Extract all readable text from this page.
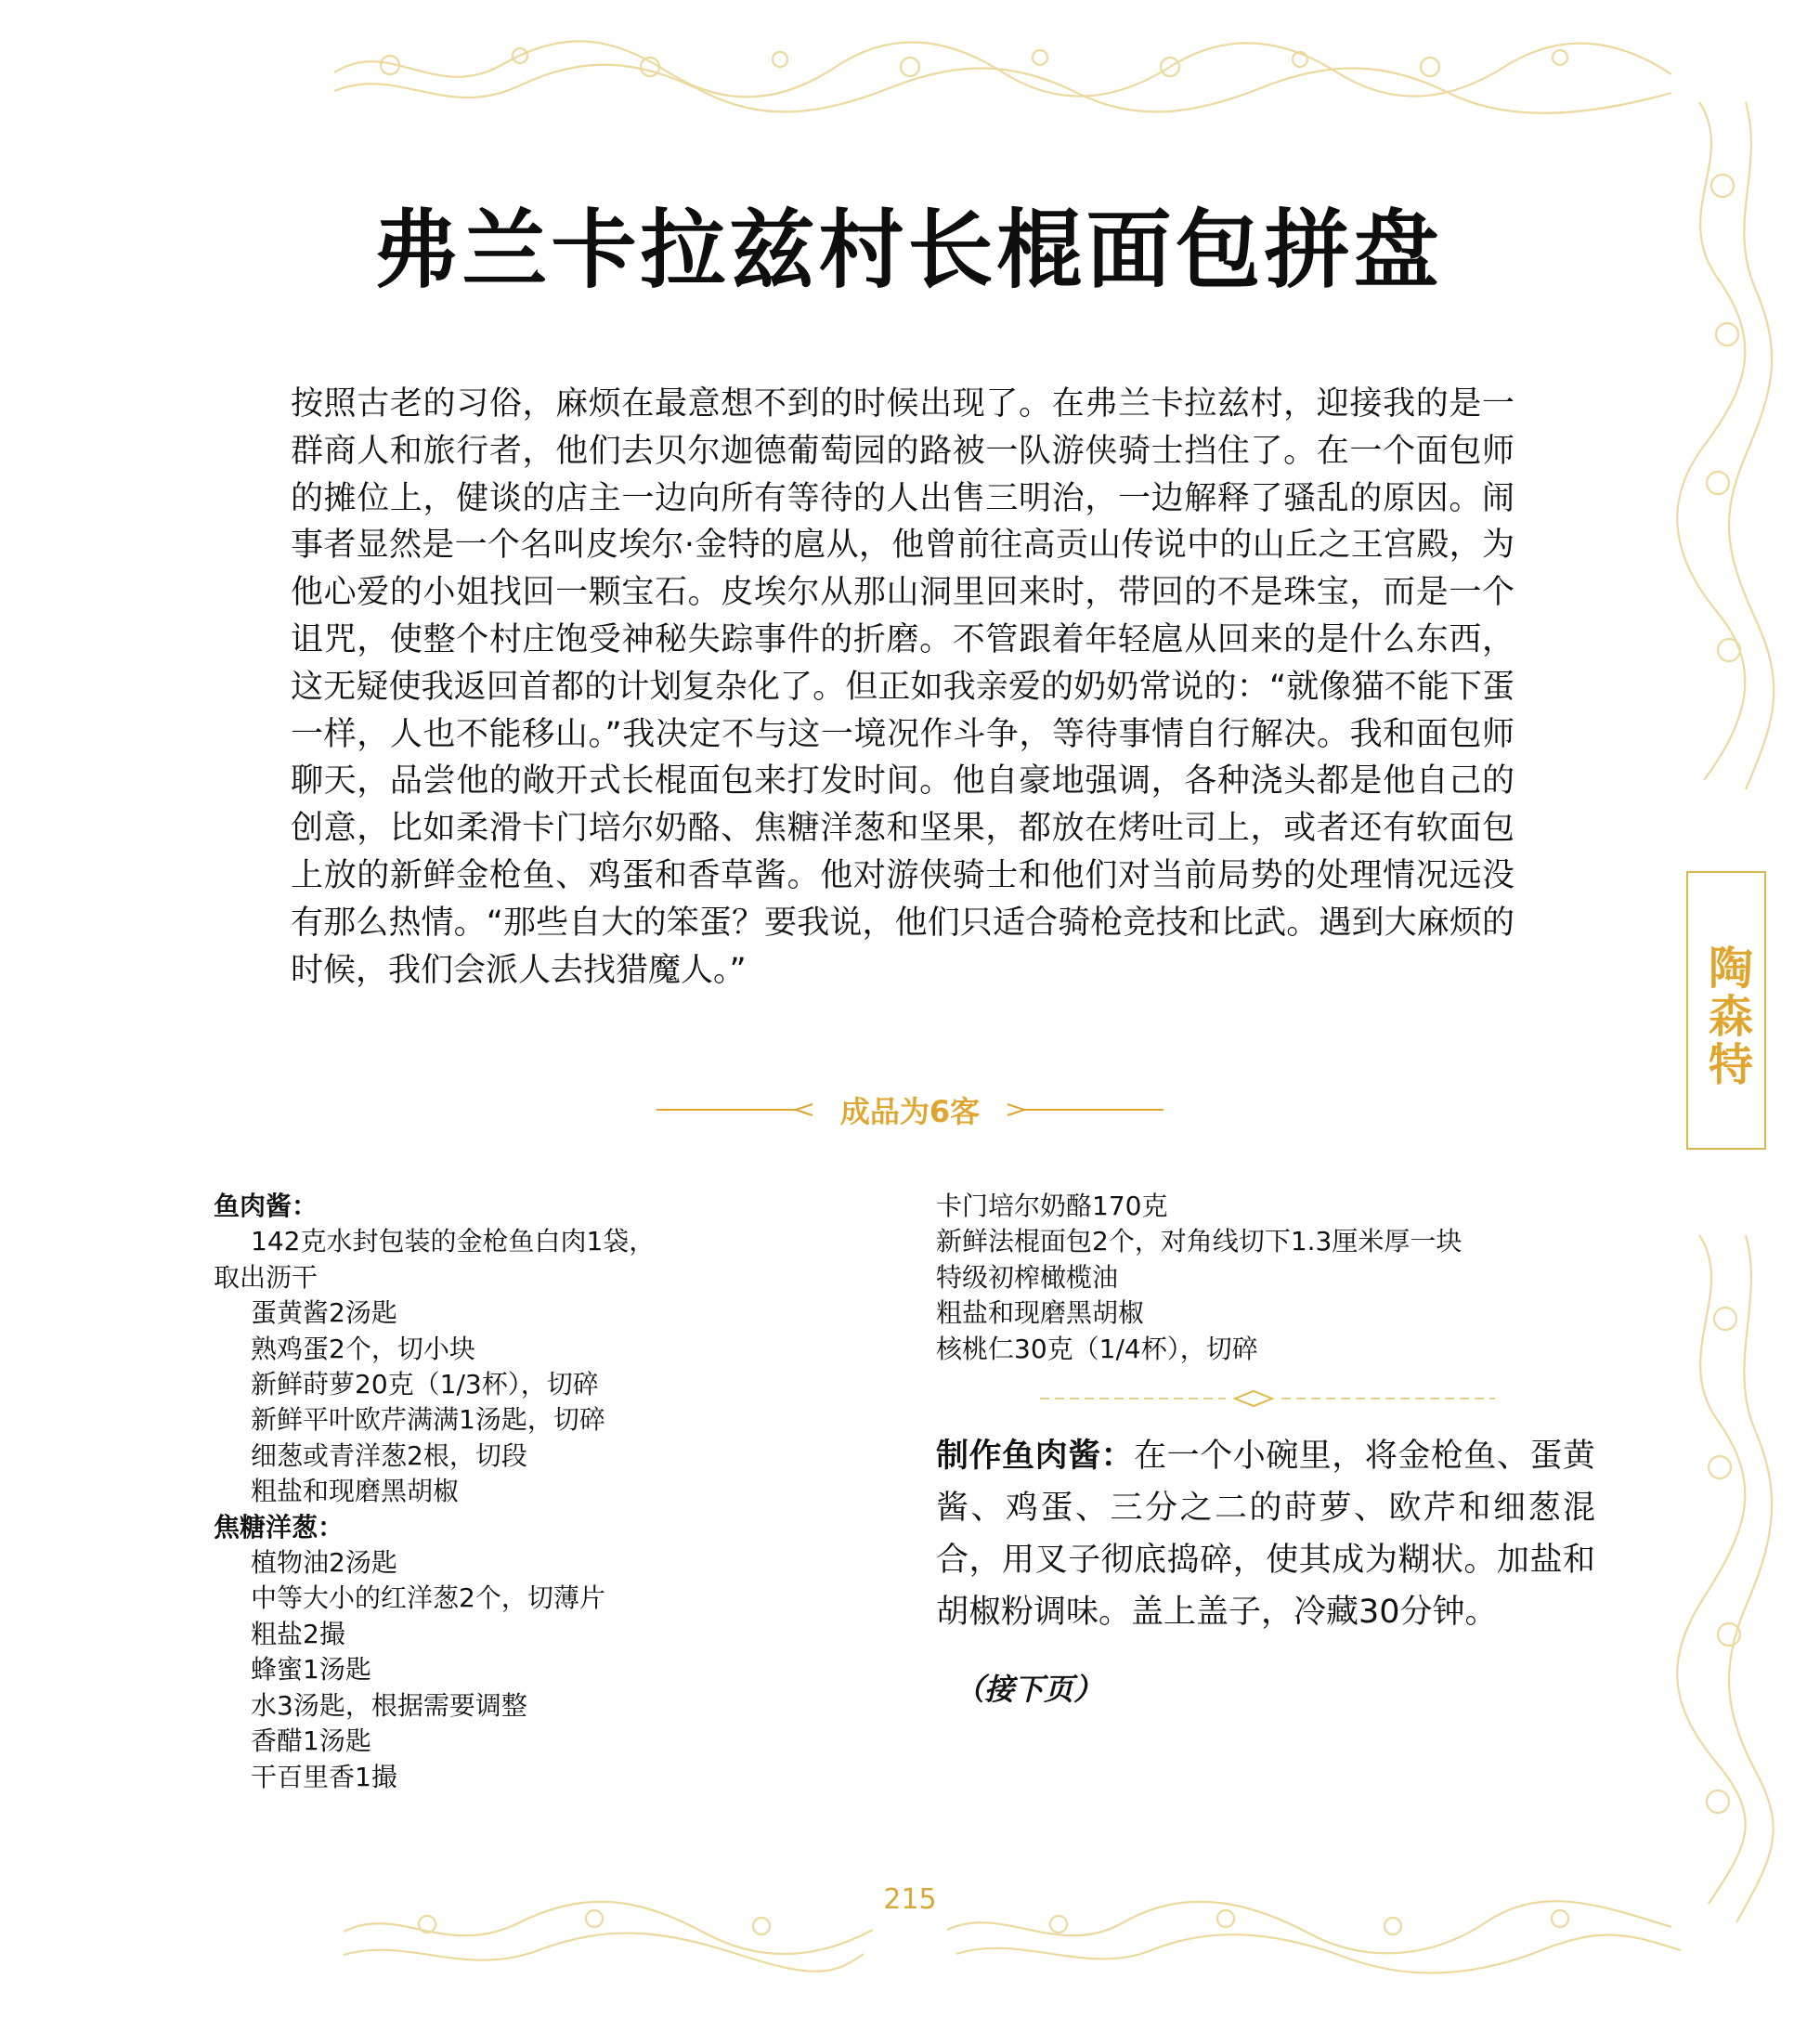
弗兰卡拉兹村长棍面包拼盘

按照古老的习俗，麻烦在最意想不到的时候出现了。在弗兰卡拉兹村，迎接我的是一群商人和旅行者，他们去贝尔迦德葡萄园的路被一队游侠骑士挡住了。在一个面包师的摊位上，健谈的店主一边向所有等待的人出售三明治，一边解释了骚乱的原因。闹事者显然是一个名叫皮埃尔·金特的扈从，他曾前往高贡山传说中的山丘之王宫殿，为他心爱的小姐找回一颗宝石。皮埃尔从那山洞里回来时，带回的不是珠宝，而是一个诅咒，使整个村庄饱受神秘失踪事件的折磨。不管跟着年轻扈从回来的是什么东西，这无疑使我返回首都的计划复杂化了。但正如我亲爱的奶奶常说的：“就像猫不能下蛋一样，人也不能移山。”我决定不与这一境况作斗争，等待事情自行解决。我和面包师聊天，品尝他的敞开式长棍面包来打发时间。他自豪地强调，各种浇头都是他自己的创意，比如柔滑卡门培尔奶酪、焦糖洋葱和坚果，都放在烤吐司上，或者还有软面包上放的新鲜金枪鱼、鸡蛋和香草酱。他对游侠骑士和他们对当前局势的处理情况远没有那么热情。“那些自大的笨蛋？要我说，他们只适合骑枪竞技和比武。遇到大麻烦的时候，我们会派人去找猎魔人。”

成品为6客
鱼肉酱：
142克水封包装的金枪鱼白肉1袋，
取出沥干
蛋黄酱2汤匙
熟鸡蛋2个，切小块
新鲜莳萝20克（1/3杯），切碎
新鲜平叶欧芹满满1汤匙，切碎
细葱或青洋葱2根，切段
粗盐和现磨黑胡椒
焦糖洋葱：
植物油2汤匙
中等大小的红洋葱2个，切薄片
粗盐2撮
蜂蜜1汤匙
水3汤匙，根据需要调整
香醋1汤匙
干百里香1撮
卡门培尔奶酪170克
新鲜法棍面包2个，对角线切下1.3厘米厚一块
特级初榨橄榄油
粗盐和现磨黑胡椒
核桃仁30克（1/4杯），切碎

制作鱼肉酱：在一个小碗里，将金枪鱼、蛋黄酱、鸡蛋、三分之二的莳萝、欧芹和细葱混合，用叉子彻底捣碎，使其成为糊状。加盐和胡椒粉调味。盖上盖子，冷藏30分钟。

（接下页）
陶森特
215
